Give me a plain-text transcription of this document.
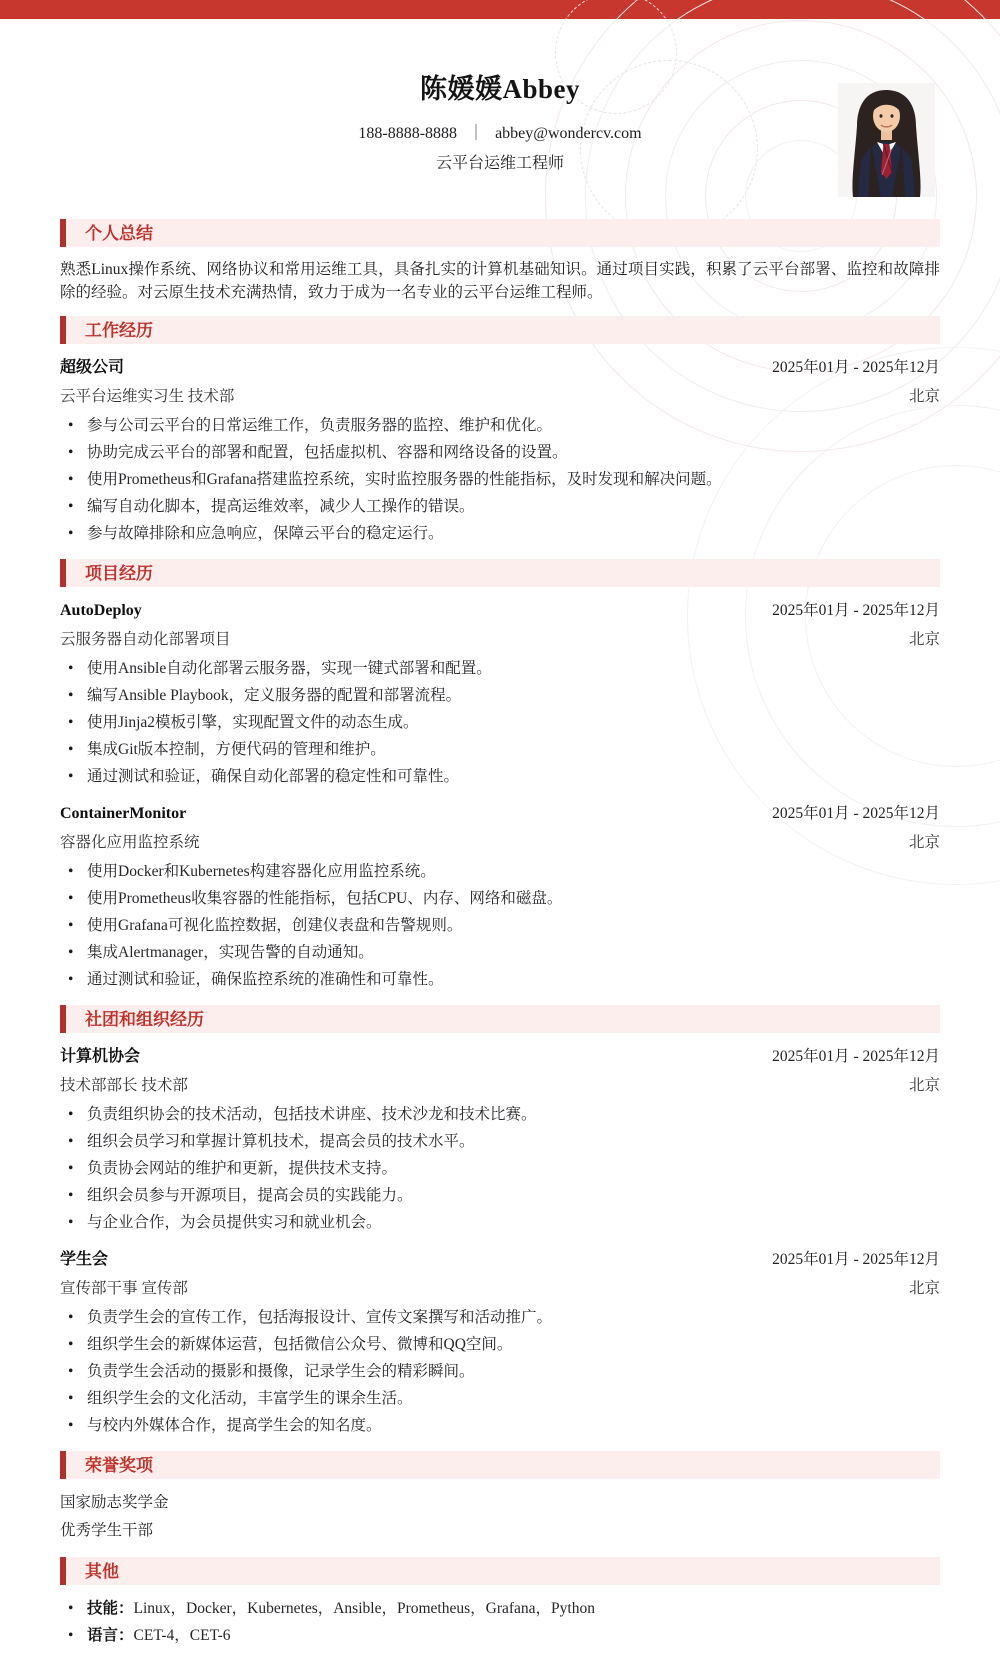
陈媛媛Abbey
188-8888-8888 ｜ abbey@wondercv.com
云平台运维工程师
个人总结

熟悉Linux操作系统、网络协议和常用运维工具，具备扎实的计算机基础知识。通过项目实践，积累了云平台部署、监控和故障排除的经验。对云原生技术充满热情，致力于成为一名专业的云平台运维工程师。

工作经历
超级公司	2025年01月 - 2025年12月
云平台运维实习生 技术部	北京
• 参与公司云平台的日常运维工作，负责服务器的监控、维护和优化。
• 协助完成云平台的部署和配置，包括虚拟机、容器和网络设备的设置。
• 使用Prometheus和Grafana搭建监控系统，实时监控服务器的性能指标，及时发现和解决问题。
• 编写自动化脚本，提高运维效率，减少人工操作的错误。
• 参与故障排除和应急响应，保障云平台的稳定运行。
项目经历
AutoDeploy	2025年01月 - 2025年12月
云服务器自动化部署项目	北京
• 使用Ansible自动化部署云服务器，实现一键式部署和配置。
• 编写Ansible Playbook，定义服务器的配置和部署流程。
• 使用Jinja2模板引擎，实现配置文件的动态生成。
• 集成Git版本控制，方便代码的管理和维护。
• 通过测试和验证，确保自动化部署的稳定性和可靠性。
ContainerMonitor	2025年01月 - 2025年12月
容器化应用监控系统	北京
• 使用Docker和Kubernetes构建容器化应用监控系统。
• 使用Prometheus收集容器的性能指标，包括CPU、内存、网络和磁盘。
• 使用Grafana可视化监控数据，创建仪表盘和告警规则。
• 集成Alertmanager，实现告警的自动通知。
• 通过测试和验证，确保监控系统的准确性和可靠性。
社团和组织经历
计算机协会	2025年01月 - 2025年12月
技术部部长 技术部	北京
• 负责组织协会的技术活动，包括技术讲座、技术沙龙和技术比赛。
• 组织会员学习和掌握计算机技术，提高会员的技术水平。
• 负责协会网站的维护和更新，提供技术支持。
• 组织会员参与开源项目，提高会员的实践能力。
• 与企业合作，为会员提供实习和就业机会。
学生会	2025年01月 - 2025年12月
宣传部干事 宣传部	北京
• 负责学生会的宣传工作，包括海报设计、宣传文案撰写和活动推广。
• 组织学生会的新媒体运营，包括微信公众号、微博和QQ空间。
• 负责学生会活动的摄影和摄像，记录学生会的精彩瞬间。
• 组织学生会的文化活动，丰富学生的课余生活。
• 与校内外媒体合作，提高学生会的知名度。
荣誉奖项
国家励志奖学金
优秀学生干部
其他
• 技能：Linux，Docker，Kubernetes，Ansible，Prometheus，Grafana，Python
• 语言：CET-4，CET-6
